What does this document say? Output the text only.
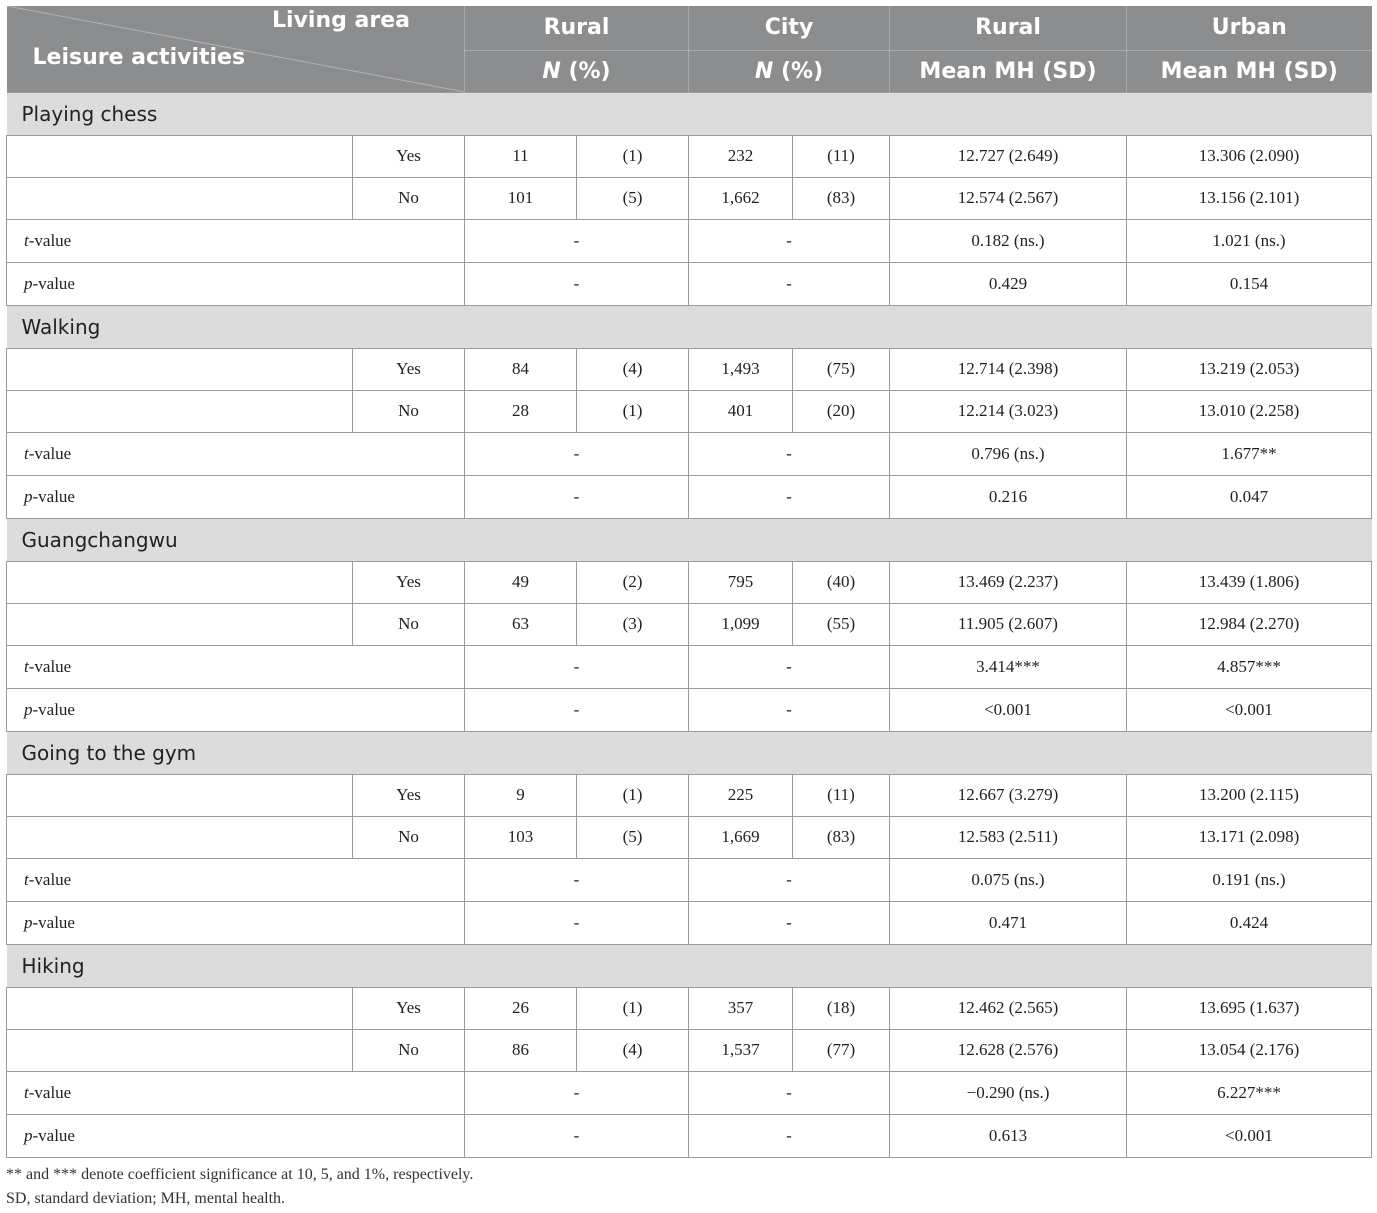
Living area
Leisure activities		Rural		City		Rural	Urban
		N (%)		N (%)		Mean MH (SD)	Mean MH (SD)
Playing chess							
	Yes	11	(1)	232	(11)	12.727 (2.649)	13.306 (2.090)
	No	101	(5)	1,662	(83)	12.574 (2.567)	13.156 (2.101)
t-value		-		-		0.182 (ns.)	1.021 (ns.)
p-value		-		-		0.429	0.154
Walking							
	Yes	84	(4)	1,493	(75)	12.714 (2.398)	13.219 (2.053)
	No	28	(1)	401	(20)	12.214 (3.023)	13.010 (2.258)
t-value		-		-		0.796 (ns.)	1.677**
p-value		-		-		0.216	0.047
Guangchangwu							
	Yes	49	(2)	795	(40)	13.469 (2.237)	13.439 (1.806)
	No	63	(3)	1,099	(55)	11.905 (2.607)	12.984 (2.270)
t-value		-		-		3.414***	4.857***
p-value		-		-		<0.001	<0.001
Going to the gym							
	Yes	9	(1)	225	(11)	12.667 (3.279)	13.200 (2.115)
	No	103	(5)	1,669	(83)	12.583 (2.511)	13.171 (2.098)
t-value		-		-		0.075 (ns.)	0.191 (ns.)
p-value		-		-		0.471	0.424
Hiking							
	Yes	26	(1)	357	(18)	12.462 (2.565)	13.695 (1.637)
	No	86	(4)	1,537	(77)	12.628 (2.576)	13.054 (2.176)
t-value		-		-		−0.290 (ns.)	6.227***
p-value		-		-		0.613	<0.001
** and *** denote coefficient significance at 10, 5, and 1%, respectively.
SD, standard deviation; MH, mental health.
